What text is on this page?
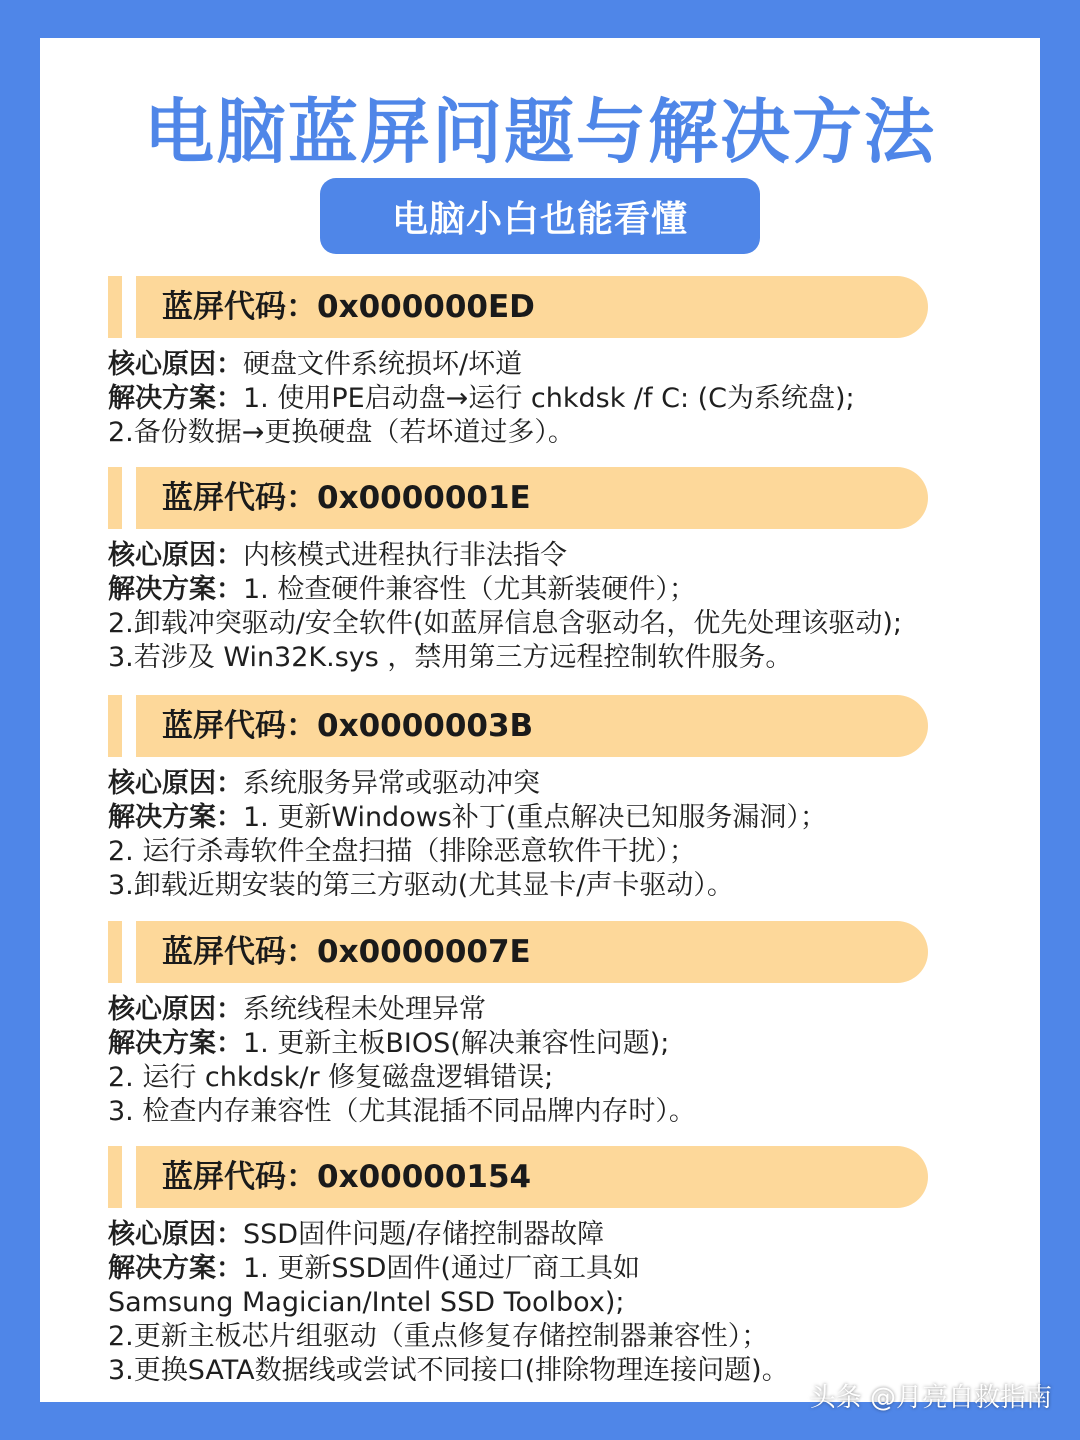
电脑蓝屏问题与解决方法
电脑小白也能看懂
蓝屏代码：0x000000ED
核心原因：硬盘文件系统损坏/坏道
解决方案：1. 使用PE启动盘→运行 chkdsk /f C: (C为系统盘);
2.备份数据→更换硬盘（若坏道过多）。
蓝屏代码：0x0000001E
核心原因：内核模式进程执行非法指令
解决方案：1. 检查硬件兼容性（尤其新装硬件）；
2.卸载冲突驱动/安全软件(如蓝屏信息含驱动名，优先处理该驱动);
3.若涉及 Win32K.sys ，禁用第三方远程控制软件服务。
蓝屏代码：0x0000003B
核心原因：系统服务异常或驱动冲突
解决方案：1. 更新Windows补丁(重点解决已知服务漏洞）；
2. 运行杀毒软件全盘扫描（排除恶意软件干扰）；
3.卸载近期安装的第三方驱动(尤其显卡/声卡驱动）。
蓝屏代码：0x0000007E
核心原因：系统线程未处理异常
解决方案：1. 更新主板BIOS(解决兼容性问题);
2. 运行 chkdsk/r 修复磁盘逻辑错误;
3. 检查内存兼容性（尤其混插不同品牌内存时）。
蓝屏代码：0x00000154
核心原因：SSD固件问题/存储控制器故障
解决方案：1. 更新SSD固件(通过厂商工具如
Samsung Magician/Intel SSD Toolbox);
2.更新主板芯片组驱动（重点修复存储控制器兼容性）；
3.更换SATA数据线或尝试不同接口(排除物理连接问题)。
头条 @月亮自救指南
